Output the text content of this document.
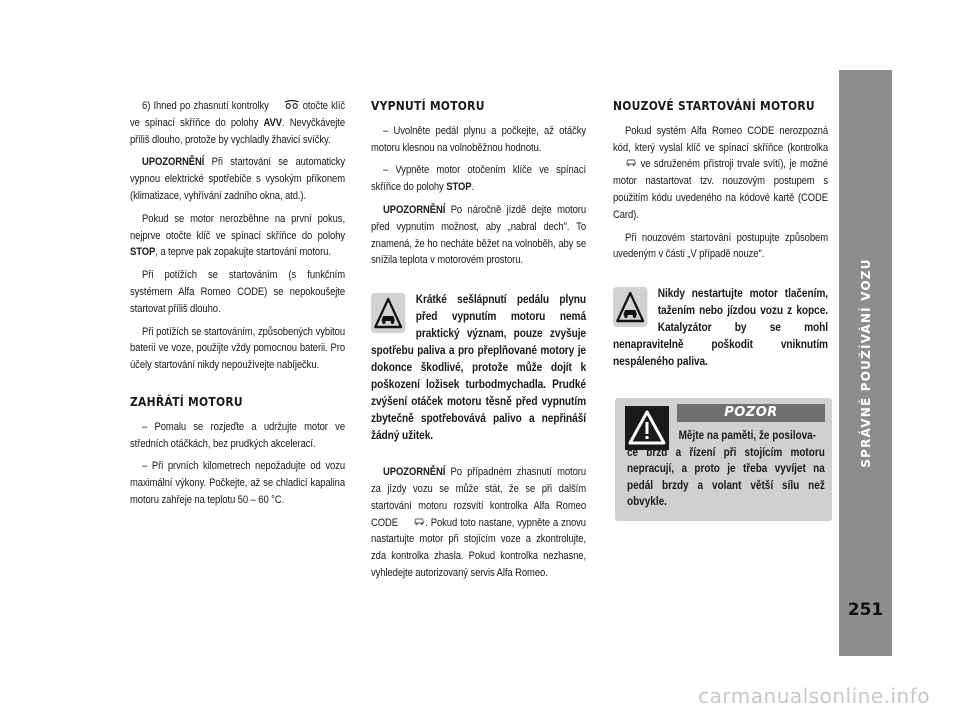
SPRÁVNÉ POUŽÍVÁNÍ VOZU
251

6) Ihned po zhasnutí kontrolky	otočte klíč ve spínací skříňce do polohy AVV. Nevyčkávejte příliš dlouho, protože by vychladly žhavicí svíčky.

UPOZORNĚNÍ Při startování se automaticky vypnou elektrické spotřebiče s vysokým příkonem (klimatizace, vyhřívání zadního okna, atd.).

Pokud se motor nerozběhne na první pokus, nejprve otočte klíč ve spínací skříňce do polohy STOP, a teprve pak zopakujte startování motoru.

Při potížích se startováním (s funkčním systémem Alfa Romeo CODE) se nepokoušejte startovat příliš dlouho.

Při potížích se startováním, způsobených vybitou baterií ve voze, použijte vždy pomocnou baterii. Pro účely startování nikdy nepoužívejte nabíječku.

ZAHŘÁTÍ MOTORU

– Pomalu se rozjeďte a udržujte motor ve středních otáčkách, bez prudkých akcelerací.

– Při prvních kilometrech nepožadujte od vozu maximální výkony. Počkejte, až se chladicí kapalina motoru zahřeje na teplotu 50 – 60 °C.

VYPNUTÍ MOTORU

– Uvolněte pedál plynu a počkejte, až otáčky motoru klesnou na volnoběžnou hodnotu.

– Vypněte motor otočením klíče ve spínací skříňce do polohy STOP.

UPOZORNĚNÍ Po náročně jízdě dejte motoru před vypnutím možnost, aby „nabral dech". To znamená, že ho necháte běžet na volnoběh, aby se snížila teplota v motorovém prostoru.

Krátké sešlápnutí pedálu plynu před vypnutím motoru nemá praktický význam, pouze zvyšuje spotřebu paliva a pro přeplňované motory je dokonce škodlivé, protože může dojít k poškození ložisek turbodmychadla. Prudké zvýšení otáček motoru těsně před vypnutím zbytečně spotřebovává palivo a nepřináší žádný užitek.

UPOZORNĚNÍ Po případném zhasnutí motoru za jízdy vozu se může stát, že se při dalším startování motoru rozsvítí kontrolka Alfa Romeo CODE . Pokud toto nastane, vypněte a znovu nastartujte motor při stojícím voze a zkontrolujte, zda kontrolka zhasla. Pokud kontrolka nezhasne, vyhledejte autorizovaný servis Alfa Romeo.

NOUZOVÉ STARTOVÁNÍ MOTORU

Pokud systém Alfa Romeo CODE nerozpozná kód, který vyslal klíč ve spínací skříňce (kontrolka  ve sdruženém přístroji trvale svítí), je možné motor nastartovat tzv. nouzovým postupem s použitím kódu uvedeného na kódové kartě (CODE Card).

Při nouzovém startování postupujte způsobem uvedeným v části „V případě nouze".

Nikdy nestartujte motor tlačením, tažením nebo jízdou vozu z kopce. Katalyzátor by se mohl nenapravitelně poškodit vniknutím nespáleného paliva.

POZOR
Mějte na paměti, že posilova-
če brzd a řízení při stojícím motoru nepracují, a proto je třeba vyvíjet na pedál brzdy a volant větší sílu než obvykle.
carmanualsonline.info
